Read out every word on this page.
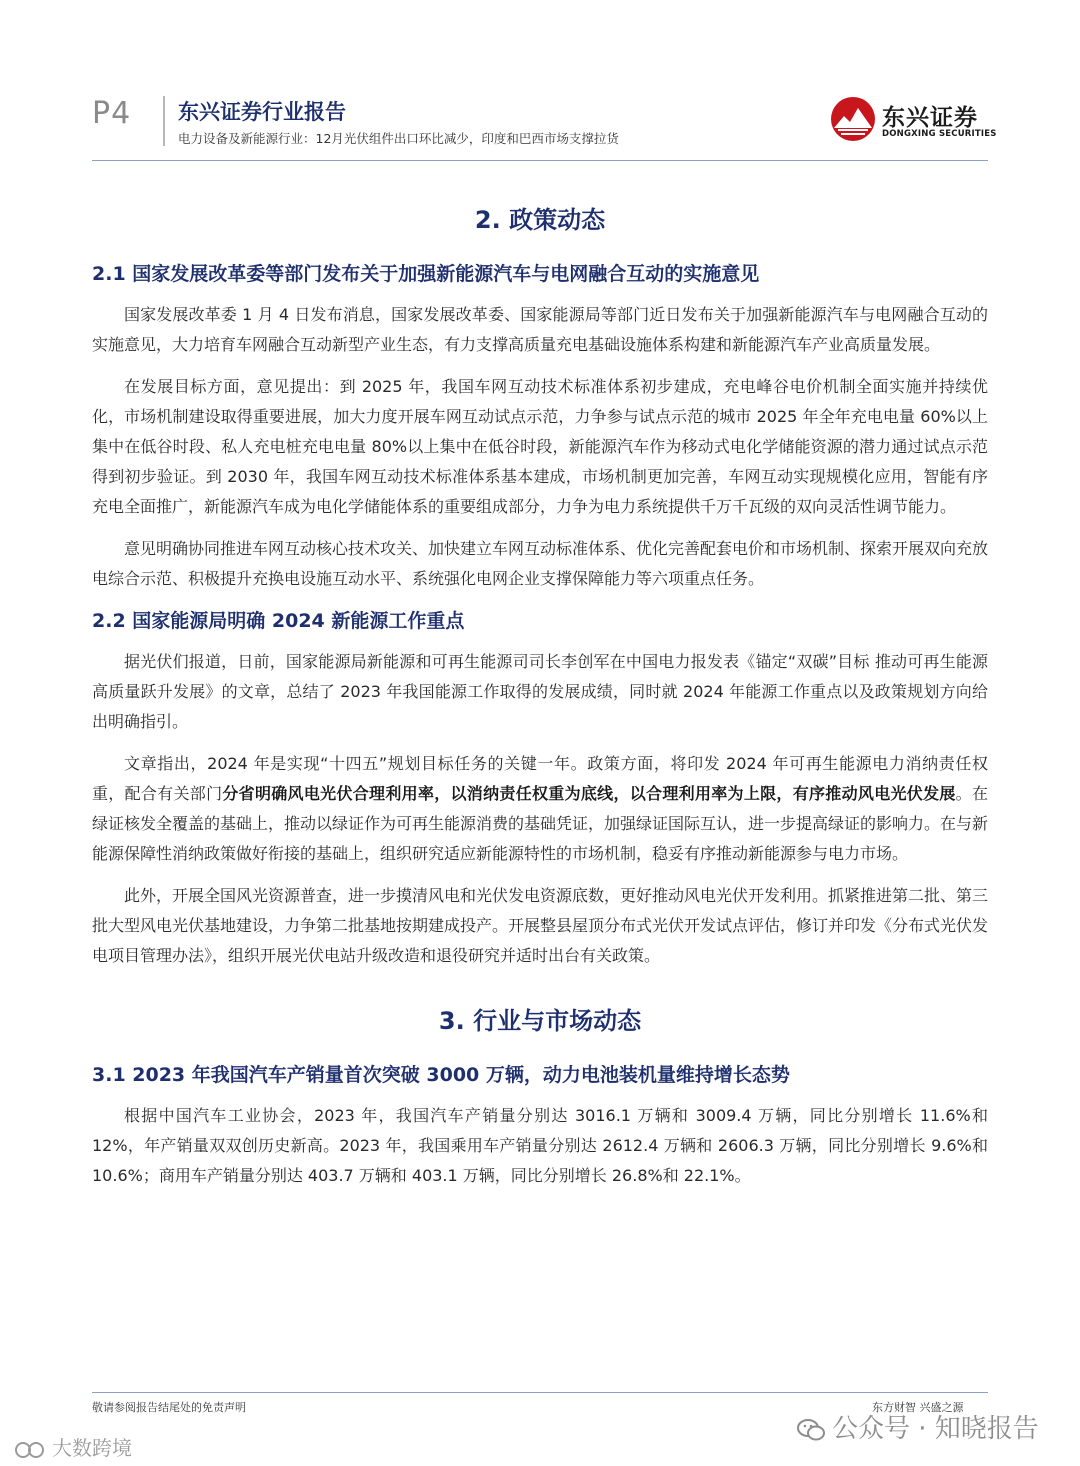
P4 东兴证券行业报告
电力设备及新能源行业：12月光伏组件出口环比减少，印度和巴西市场支撑拉货
东兴证券
DONGXING SECURITIES
2. 政策动态
2.1 国家发展改革委等部门发布关于加强新能源汽车与电网融合互动的实施意见

国家发展改革委 1 月 4 日发布消息，国家发展改革委、国家能源局等部门近日发布关于加强新能源汽车与电网融合互动的实施意见，大力培育车网融合互动新型产业生态，有力支撑高质量充电基础设施体系构建和新能源汽车产业高质量发展。

在发展目标方面，意见提出：到 2025 年，我国车网互动技术标准体系初步建成，充电峰谷电价机制全面实施并持续优化，市场机制建设取得重要进展，加大力度开展车网互动试点示范，力争参与试点示范的城市 2025 年全年充电电量 60%以上集中在低谷时段、私人充电桩充电电量 80%以上集中在低谷时段，新能源汽车作为移动式电化学储能资源的潜力通过试点示范得到初步验证。到 2030 年，我国车网互动技术标准体系基本建成，市场机制更加完善，车网互动实现规模化应用，智能有序充电全面推广，新能源汽车成为电化学储能体系的重要组成部分，力争为电力系统提供千万千瓦级的双向灵活性调节能力。

意见明确协同推进车网互动核心技术攻关、加快建立车网互动标准体系、优化完善配套电价和市场机制、探索开展双向充放电综合示范、积极提升充换电设施互动水平、系统强化电网企业支撑保障能力等六项重点任务。

2.2 国家能源局明确 2024 新能源工作重点

据光伏们报道，日前，国家能源局新能源和可再生能源司司长李创军在中国电力报发表《锚定“双碳”目标 推动可再生能源高质量跃升发展》的文章，总结了 2023 年我国能源工作取得的发展成绩，同时就 2024 年能源工作重点以及政策规划方向给出明确指引。

文章指出，2024 年是实现“十四五”规划目标任务的关键一年。政策方面，将印发 2024 年可再生能源电力消纳责任权重，配合有关部门分省明确风电光伏合理利用率，以消纳责任权重为底线，以合理利用率为上限，有序推动风电光伏发展。在绿证核发全覆盖的基础上，推动以绿证作为可再生能源消费的基础凭证，加强绿证国际互认，进一步提高绿证的影响力。在与新能源保障性消纳政策做好衔接的基础上，组织研究适应新能源特性的市场机制，稳妥有序推动新能源参与电力市场。

此外，开展全国风光资源普查，进一步摸清风电和光伏发电资源底数，更好推动风电光伏开发利用。抓紧推进第二批、第三批大型风电光伏基地建设，力争第二批基地按期建成投产。开展整县屋顶分布式光伏开发试点评估，修订并印发《分布式光伏发电项目管理办法》，组织开展光伏电站升级改造和退役研究并适时出台有关政策。

3. 行业与市场动态
3.1 2023 年我国汽车产销量首次突破 3000 万辆，动力电池装机量维持增长态势

根据中国汽车工业协会，2023 年，我国汽车产销量分别达 3016.1 万辆和 3009.4 万辆，同比分别增长 11.6%和 12%，年产销量双双创历史新高。2023 年，我国乘用车产销量分别达 2612.4 万辆和 2606.3 万辆，同比分别增长 9.6%和 10.6%；商用车产销量分别达 403.7 万辆和 403.1 万辆，同比分别增长 26.8%和 22.1%。

敬请参阅报告结尾处的免责声明	东方财智 兴盛之源
公众号 · 知晓报告
大数跨境
